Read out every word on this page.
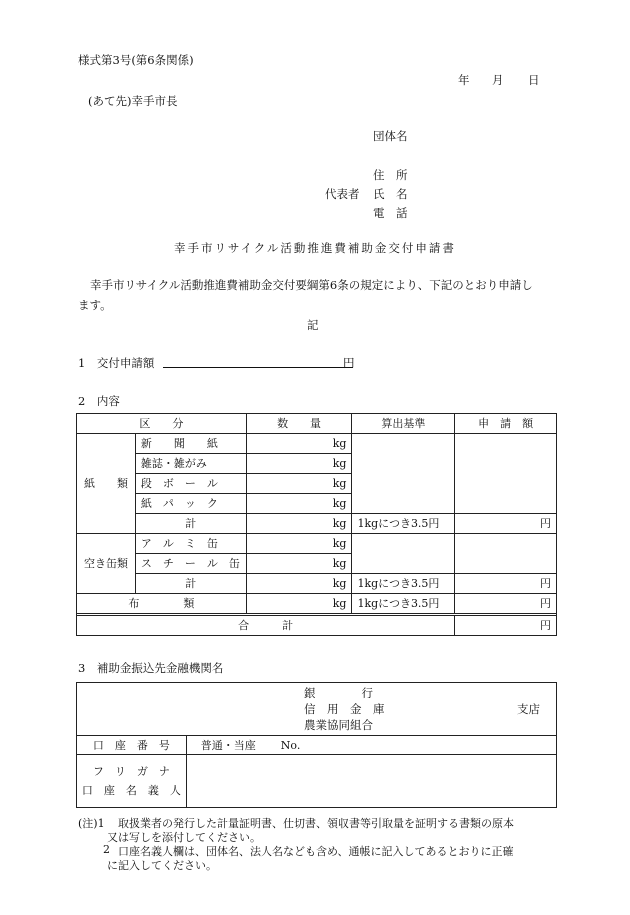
様式第3号(第6条関係)
年 月 日
(あて先)幸手市長
団体名
住　所
代表者 氏　名
電　話
幸手市リサイクル活動推進費補助金交付申請書
幸手市リサイクル活動推進費補助金交付要綱第6条の規定により、下記のとおり申請し
ます。
記
1　交付申請額	円
2　内容
区　　分		数　　量	算出基準	申　請　額
紙　　類	新　　聞　　紙	kg		
	雑誌・雑がみ	kg		
	段　ボ　ー　ル	kg		
	紙　パ　ッ　ク	kg		
	計	kg	1kgにつき3.5円	円
空き缶類	ア　ル　ミ　缶	kg		
	ス　チ　ー　ル　缶	kg		
	計	kg	1kgにつき3.5円	円
布　　　　類		kg	1kgにつき3.5円	円

合　　　計				円
3　補助金振込先金融機関名
銀　　　　行
信　用　金　庫
農業協同組合
支店
口　座　番　号	普通・当座 No.

フ　リ　ガ　ナ
口　座　名　義　人	

(注)1 取扱業者の発行した計量証明書、仕切書、領収書等引取量を証明する書類の原本
又は写しを添付してください。
2 口座名義人欄は、団体名、法人名なども含め、通帳に記入してあるとおりに正確
に記入してください。
